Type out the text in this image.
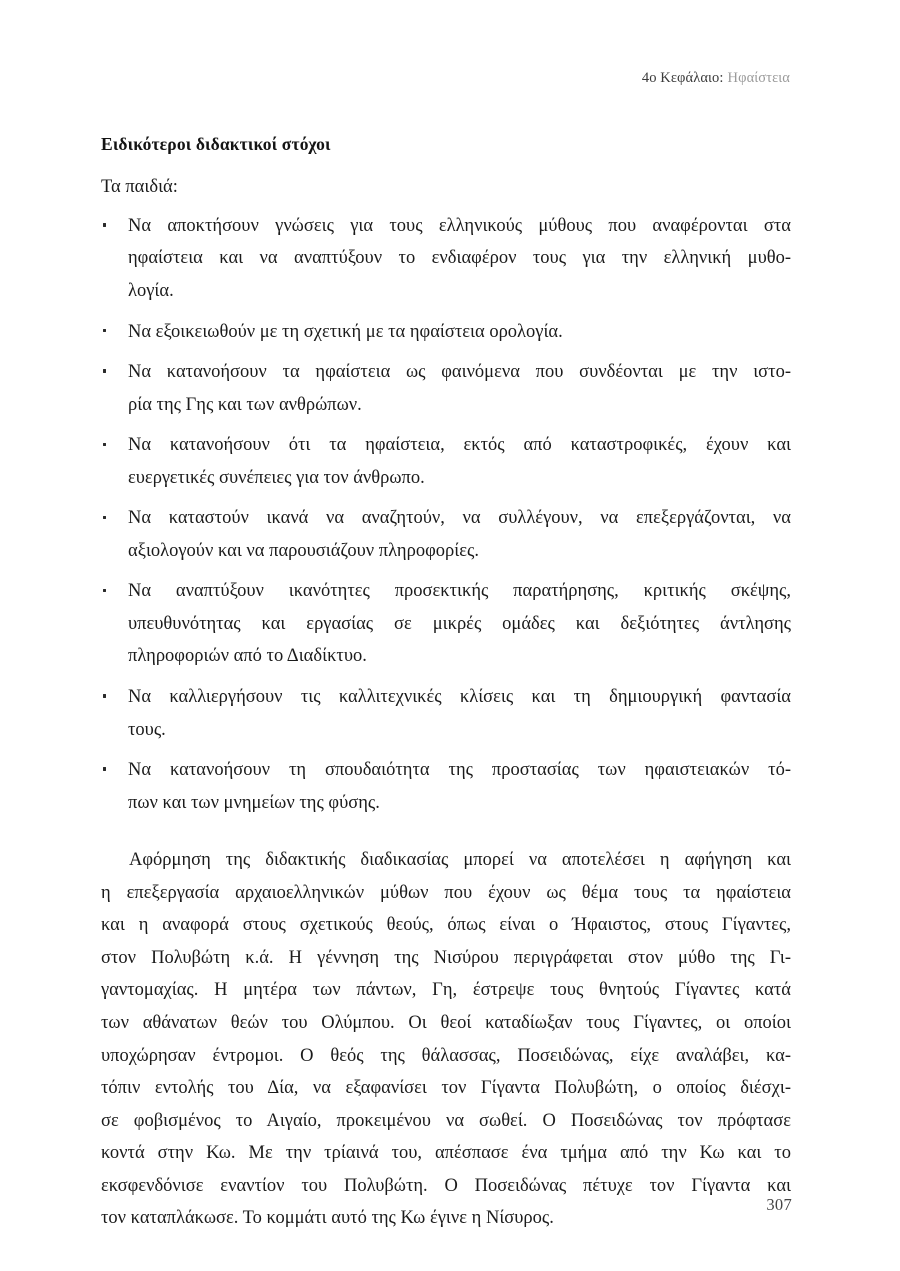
4ο Κεφάλαιο: Ηφαίστεια
Ειδικότεροι διδακτικοί στόχοι

Τα παιδιά:

Να αποκτήσουν γνώσεις για τους ελληνικούς μύθους που αναφέρονται στα
ηφαίστεια και να αναπτύξουν το ενδιαφέρον τους για την ελληνική μυθο-
λογία.
Να εξοικειωθούν με τη σχετική με τα ηφαίστεια ορολογία.
Να κατανοήσουν τα ηφαίστεια ως φαινόμενα που συνδέονται με την ιστο-
ρία της Γης και των ανθρώπων.
Να κατανοήσουν ότι τα ηφαίστεια, εκτός από καταστροφικές, έχουν και
ευεργετικές συνέπειες για τον άνθρωπο.
Να καταστούν ικανά να αναζητούν, να συλλέγουν, να επεξεργάζονται, να
αξιολογούν και να παρουσιάζουν πληροφορίες.
Να αναπτύξουν ικανότητες προσεκτικής παρατήρησης, κριτικής σκέψης,
υπευθυνότητας και εργασίας σε μικρές ομάδες και δεξιότητες άντλησης
πληροφοριών από το Διαδίκτυο.
Να καλλιεργήσουν τις καλλιτεχνικές κλίσεις και τη δημιουργική φαντασία
τους.
Να κατανοήσουν τη σπουδαιότητα της προστασίας των ηφαιστειακών τό-
πων και των μνημείων της φύσης.
Αφόρμηση της διδακτικής διαδικασίας μπορεί να αποτελέσει η αφήγηση και
η επεξεργασία αρχαιοελληνικών μύθων που έχουν ως θέμα τους τα ηφαίστεια
και η αναφορά στους σχετικούς θεούς, όπως είναι ο Ήφαιστος, στους Γίγαντες,
στον Πολυβώτη κ.ά. Η γέννηση της Νισύρου περιγράφεται στον μύθο της Γι-
γαντομαχίας. Η μητέρα των πάντων, Γη, έστρεψε τους θνητούς Γίγαντες κατά
των αθάνατων θεών του Ολύμπου. Οι θεοί καταδίωξαν τους Γίγαντες, οι οποίοι
υποχώρησαν έντρομοι. Ο θεός της θάλασσας, Ποσειδώνας, είχε αναλάβει, κα-
τόπιν εντολής του Δία, να εξαφανίσει τον Γίγαντα Πολυβώτη, ο οποίος διέσχι-
σε φοβισμένος το Αιγαίο, προκειμένου να σωθεί. Ο Ποσειδώνας τον πρόφτασε
κοντά στην Κω. Με την τρίαινά του, απέσπασε ένα τμήμα από την Κω και το
εκσφενδόνισε εναντίον του Πολυβώτη. Ο Ποσειδώνας πέτυχε τον Γίγαντα και
τον καταπλάκωσε. Το κομμάτι αυτό της Κω έγινε η Νίσυρος.
307
